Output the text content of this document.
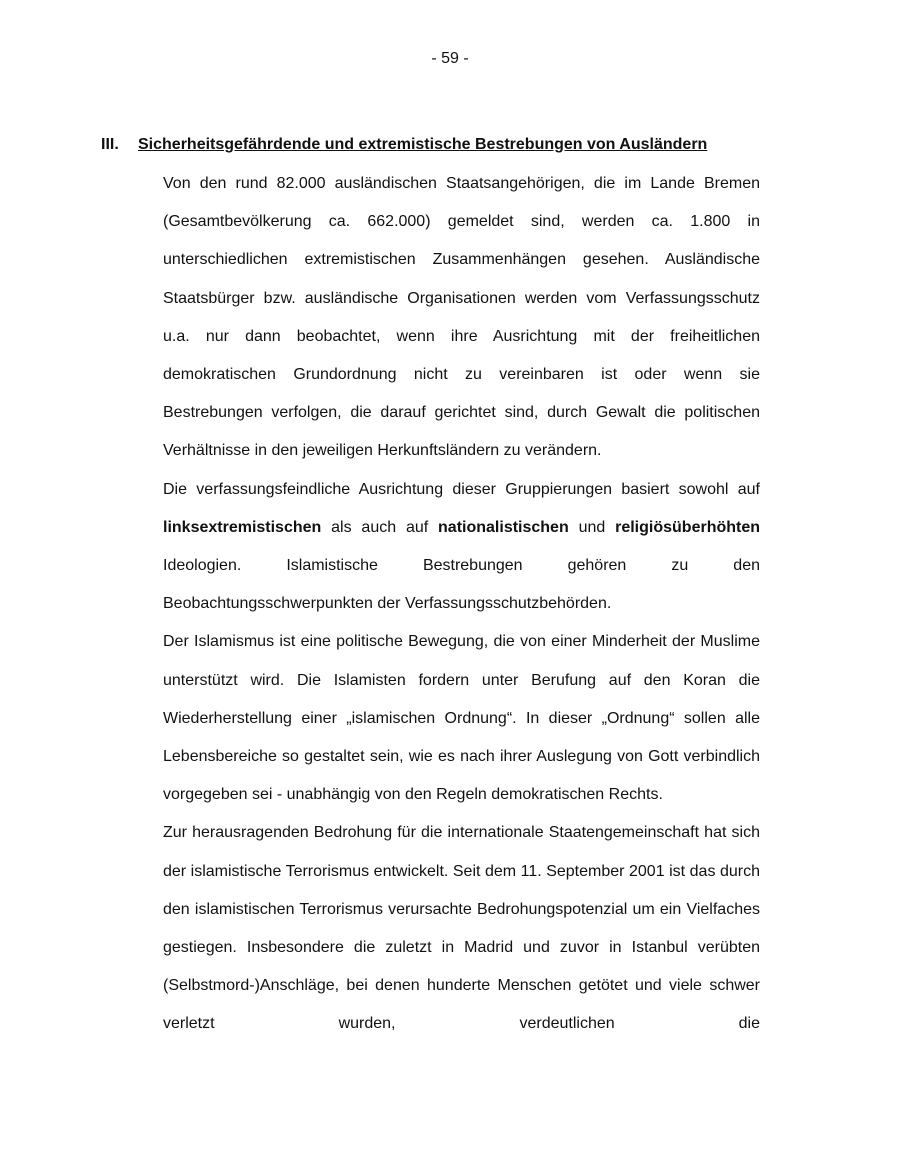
- 59 -
III. Sicherheitsgefährdende und extremistische Bestrebungen von Ausländern

Von den rund 82.000 ausländischen Staatsangehörigen, die im Lande Bremen (Gesamtbevölkerung ca. 662.000) gemeldet sind, werden ca. 1.800 in unterschiedlichen extremistischen Zusammenhängen gesehen. Ausländische Staatsbürger bzw. ausländische Organisationen werden vom Verfassungsschutz u.a. nur dann beobachtet, wenn ihre Ausrichtung mit der freiheitlichen demokratischen Grundordnung nicht zu vereinbaren ist oder wenn sie Bestrebungen verfolgen, die darauf gerichtet sind, durch Gewalt die politischen Verhältnisse in den jeweiligen Herkunftsländern zu verändern.

Die verfassungsfeindliche Ausrichtung dieser Gruppierungen basiert sowohl auf linksextremistischen als auch auf nationalistischen und religiösüberhöhten Ideologien. Islamistische Bestrebungen gehören zu den Beobachtungsschwerpunkten der Verfassungsschutzbehörden.

Der Islamismus ist eine politische Bewegung, die von einer Minderheit der Muslime unterstützt wird. Die Islamisten fordern unter Berufung auf den Koran die Wiederherstellung einer „islamischen Ordnung“. In dieser „Ordnung“ sollen alle Lebensbereiche so gestaltet sein, wie es nach ihrer Auslegung von Gott verbindlich vorgegeben sei - unabhängig von den Regeln demokratischen Rechts.

Zur herausragenden Bedrohung für die internationale Staatengemeinschaft hat sich der islamistische Terrorismus entwickelt. Seit dem 11. September 2001 ist das durch den islamistischen Terrorismus verursachte Bedrohungspotenzial um ein Vielfaches gestiegen. Insbesondere die zuletzt in Madrid und zuvor in Istanbul verübten (Selbstmord-)Anschläge, bei denen hunderte Menschen getötet und viele schwer verletzt wurden, verdeutlichen die
